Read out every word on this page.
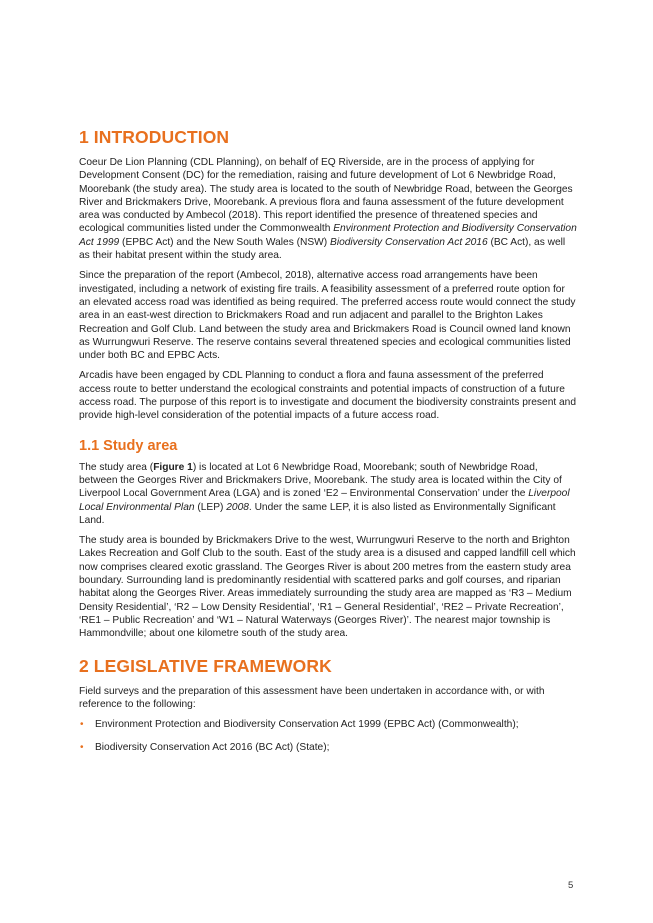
1 INTRODUCTION

Coeur De Lion Planning (CDL Planning), on behalf of EQ Riverside, are in the process of applying for Development Consent (DC) for the remediation, raising and future development of Lot 6 Newbridge Road, Moorebank (the study area). The study area is located to the south of Newbridge Road, between the Georges River and Brickmakers Drive, Moorebank. A previous flora and fauna assessment of the future development area was conducted by Ambecol (2018). This report identified the presence of threatened species and ecological communities listed under the Commonwealth Environment Protection and Biodiversity Conservation Act 1999 (EPBC Act) and the New South Wales (NSW) Biodiversity Conservation Act 2016 (BC Act), as well as their habitat present within the study area.

Since the preparation of the report (Ambecol, 2018), alternative access road arrangements have been investigated, including a network of existing fire trails. A feasibility assessment of a preferred route option for an elevated access road was identified as being required. The preferred access route would connect the study area in an east-west direction to Brickmakers Road and run adjacent and parallel to the Brighton Lakes Recreation and Golf Club. Land between the study area and Brickmakers Road is Council owned land known as Wurrungwuri Reserve. The reserve contains several threatened species and ecological communities listed under both BC and EPBC Acts.

Arcadis have been engaged by CDL Planning to conduct a flora and fauna assessment of the preferred access route to better understand the ecological constraints and potential impacts of construction of a future access road. The purpose of this report is to investigate and document the biodiversity constraints present and provide high-level consideration of the potential impacts of a future access road.

1.1 Study area

The study area (Figure 1) is located at Lot 6 Newbridge Road, Moorebank; south of Newbridge Road, between the Georges River and Brickmakers Drive, Moorebank. The study area is located within the City of Liverpool Local Government Area (LGA) and is zoned ‘E2 – Environmental Conservation’ under the Liverpool Local Environmental Plan (LEP) 2008. Under the same LEP, it is also listed as Environmentally Significant Land.

The study area is bounded by Brickmakers Drive to the west, Wurrungwuri Reserve to the north and Brighton Lakes Recreation and Golf Club to the south. East of the study area is a disused and capped landfill cell which now comprises cleared exotic grassland. The Georges River is about 200 metres from the eastern study area boundary. Surrounding land is predominantly residential with scattered parks and golf courses, and riparian habitat along the Georges River. Areas immediately surrounding the study area are mapped as ‘R3 – Medium Density Residential’, ‘R2 – Low Density Residential’, ‘R1 – General Residential’, ‘RE2 – Private Recreation’, ‘RE1 – Public Recreation’ and ‘W1 – Natural Waterways (Georges River)’. The nearest major township is Hammondville; about one kilometre south of the study area.

2 LEGISLATIVE FRAMEWORK

Field surveys and the preparation of this assessment have been undertaken in accordance with, or with reference to the following:

• Environment Protection and Biodiversity Conservation Act 1999 (EPBC Act) (Commonwealth);
• Biodiversity Conservation Act 2016 (BC Act) (State);
5
